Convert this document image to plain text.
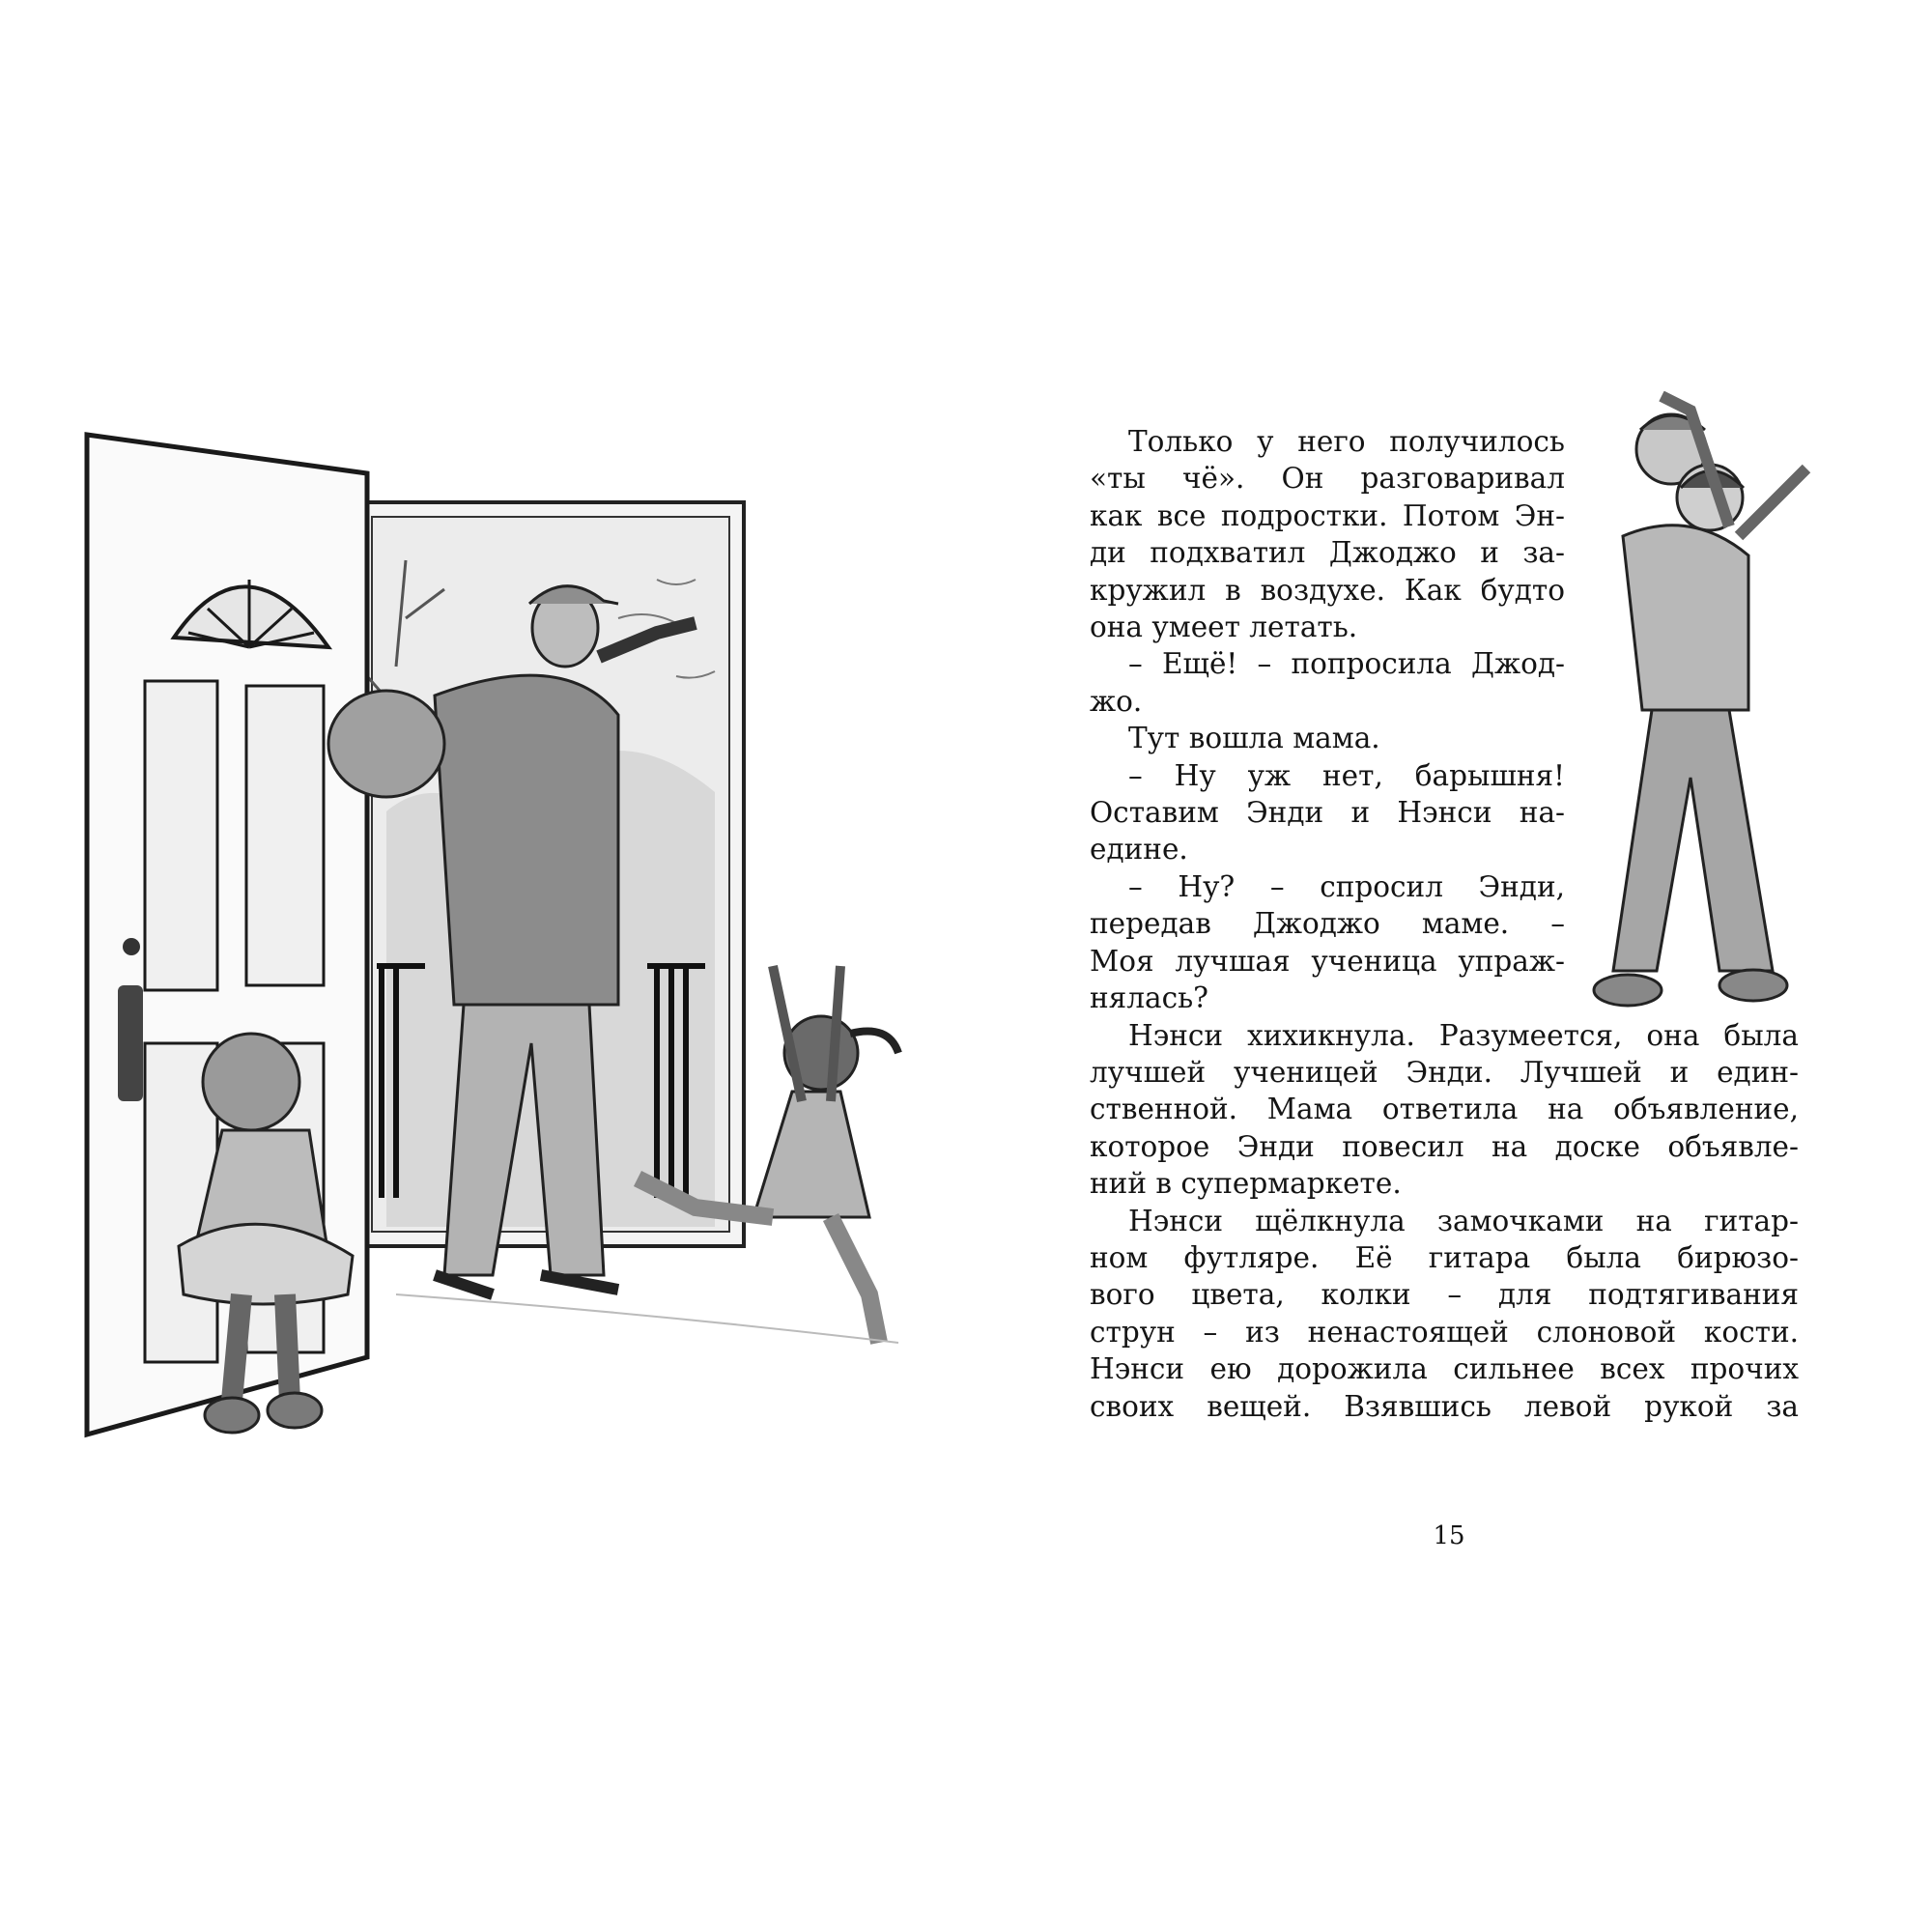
Только у него получилось

«ты чё». Он разговаривал

как все подростки. Потом Эн-

ди подхватил Джоджо и за-

кружил в воздухе. Как будто

она умеет летать.

– Ещё! – попросила Джод-

жо.

Тут вошла мама.

– Ну уж нет, барышня!

Оставим Энди и Нэнси на-

едине.

– Ну? – спросил Энди,

передав Джоджо маме. –

Моя лучшая ученица упраж-

нялась?

Нэнси хихикнула. Разумеется, она была

лучшей ученицей Энди. Лучшей и един-

ственной. Мама ответила на объявление,

которое Энди повесил на доске объявле-

ний в супермаркете.

Нэнси щёлкнула замочками на гитар-

ном футляре. Её гитара была бирюзо-

вого цвета, колки – для подтягивания

струн – из ненастоящей слоновой кости.

Нэнси ею дорожила сильнее всех прочих

своих вещей. Взявшись левой рукой за

15
